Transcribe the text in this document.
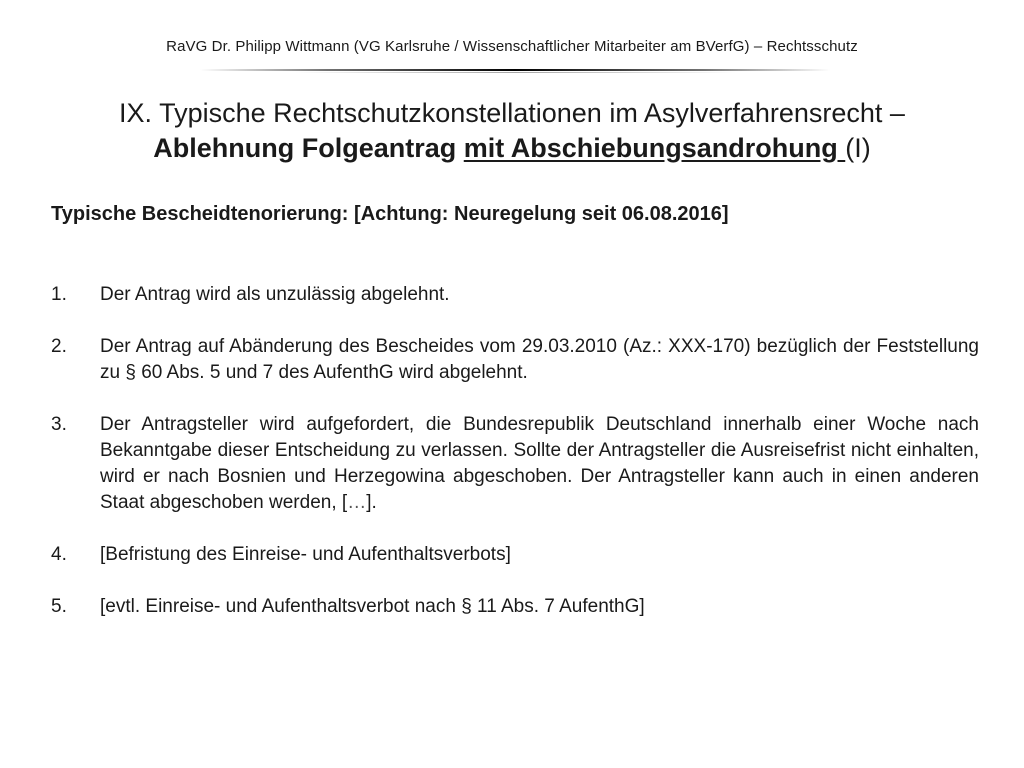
RaVG Dr. Philipp Wittmann (VG Karlsruhe / Wissenschaftlicher Mitarbeiter am BVerfG) – Rechtsschutz
IX. Typische Rechtschutzkonstellationen im Asylverfahrensrecht –
Ablehnung Folgeantrag mit Abschiebungsandrohung (I)
Typische Bescheidtenorierung: [Achtung: Neuregelung seit 06.08.2016]
1.	Der Antrag wird als unzulässig abgelehnt.
2.	Der Antrag auf Abänderung des Bescheides vom 29.03.2010 (Az.: XXX-170) bezüglich der Feststellung zu § 60 Abs. 5 und 7 des AufenthG wird abgelehnt.
3.	Der Antragsteller wird aufgefordert, die Bundesrepublik Deutschland innerhalb einer Woche nach Bekanntgabe dieser Entscheidung zu verlassen. Sollte der Antragsteller die Ausreisefrist nicht einhalten, wird er nach Bosnien und Herzegowina abgeschoben. Der Antragsteller kann auch in einen anderen Staat abgeschoben werden, […].
4.	[Befristung des Einreise- und Aufenthaltsverbots]
5.	[evtl. Einreise- und Aufenthaltsverbot nach § 11 Abs. 7 AufenthG]
